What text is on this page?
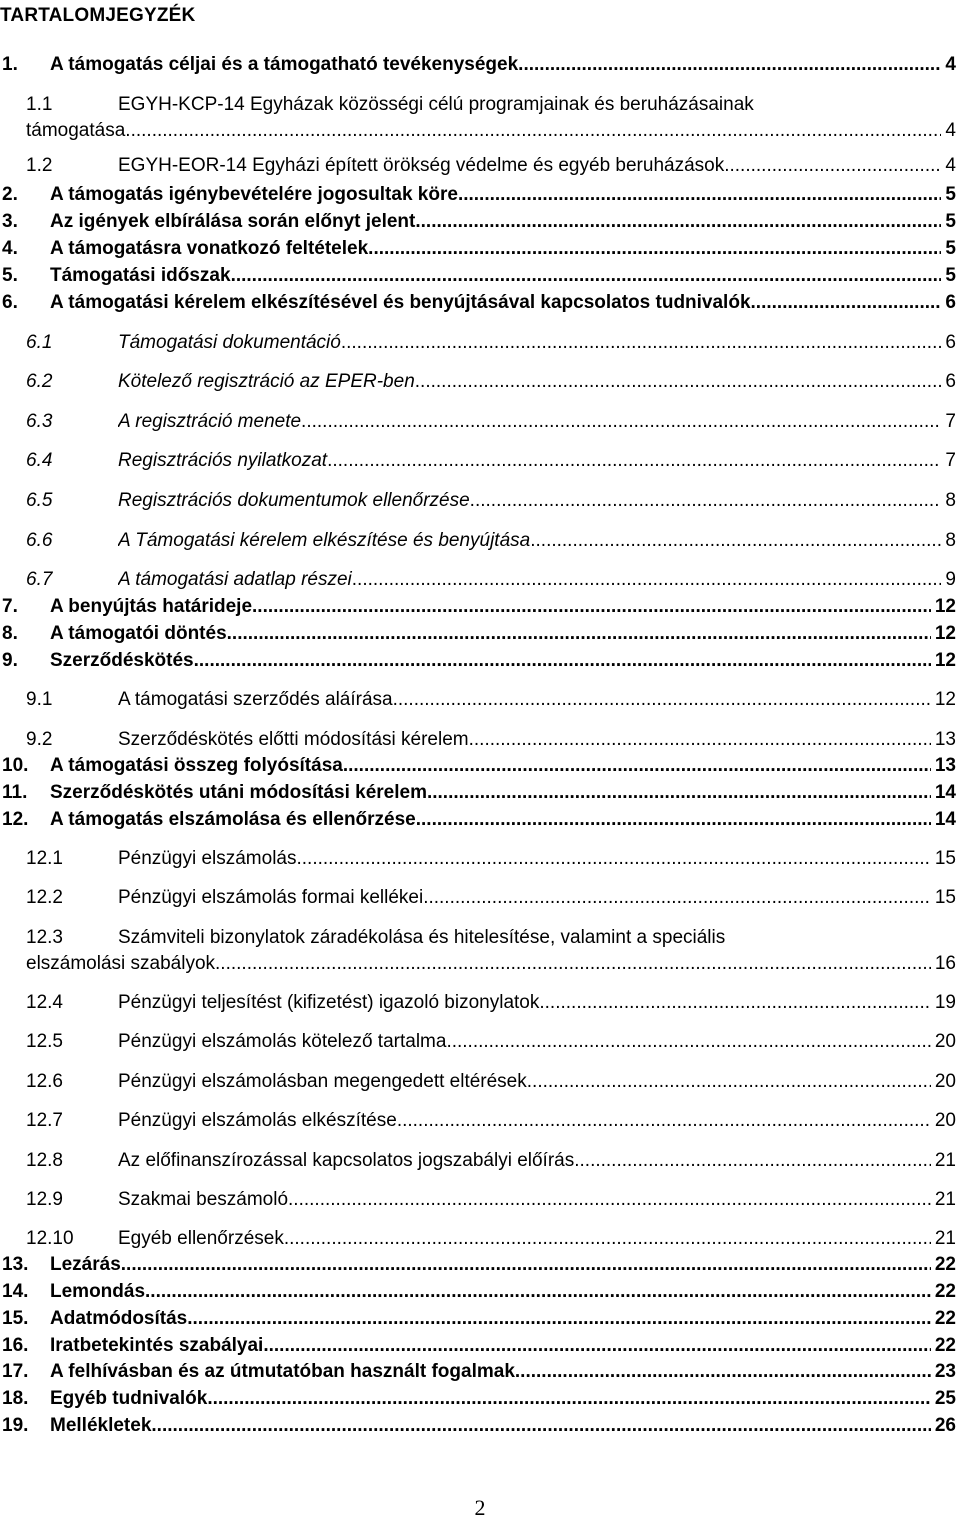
TARTALOMJEGYZÉK
1. A támogatás céljai és a támogatható tevékenységek .....	4
1.1	EGYH-KCP-14 Egyházak közösségi célú programjainak és beruházásainak
támogatása .....	4
1.2	EGYH-EOR-14 Egyházi épített örökség védelme és egyéb beruházások .....	4
2. A támogatás igénybevételére jogosultak köre .....	5
3. Az igények elbírálása során előnyt jelent .....	5
4. A támogatásra vonatkozó feltételek .....	5
5. Támogatási időszak .....	5
6. A támogatási kérelem elkészítésével és benyújtásával kapcsolatos tudnivalók .....	6
6.1	Támogatási dokumentáció .....	6
6.2	Kötelező regisztráció az EPER-ben .....	6
6.3	A regisztráció menete .....	7
6.4	Regisztrációs nyilatkozat .....	7
6.5	Regisztrációs dokumentumok ellenőrzése .....	8
6.6	A Támogatási kérelem elkészítése és benyújtása .....	8
6.7	A támogatási adatlap részei .....	9
7. A benyújtás határideje .....	12
8. A támogatói döntés .....	12
9. Szerződéskötés .....	12
9.1	A támogatási szerződés aláírása .....	12
9.2	Szerződéskötés előtti módosítási kérelem .....	13
10. A támogatási összeg folyósítása .....	13
11. Szerződéskötés utáni módosítási kérelem .....	14
12. A támogatás elszámolása és ellenőrzése .....	14
12.1	Pénzügyi elszámolás .....	15
12.2	Pénzügyi elszámolás formai kellékei .....	15
12.3	Számviteli bizonylatok záradékolása és hitelesítése, valamint a speciális
elszámolási szabályok .....	16
12.4	Pénzügyi teljesítést (kifizetést) igazoló bizonylatok .....	19
12.5	Pénzügyi elszámolás kötelező tartalma .....	20
12.6	Pénzügyi elszámolásban megengedett eltérések .....	20
12.7	Pénzügyi elszámolás elkészítése .....	20
12.8	Az előfinanszírozással kapcsolatos jogszabályi előírás .....	21
12.9	Szakmai beszámoló .....	21
12.10 Egyéb ellenőrzések .....	21
13. Lezárás .....	22
14. Lemondás .....	22
15. Adatmódosítás .....	22
16. Iratbetekintés szabályai .....	22
17. A felhívásban és az útmutatóban használt fogalmak .....	23
18. Egyéb tudnivalók .....	25
19. Mellékletek .....	26
2
